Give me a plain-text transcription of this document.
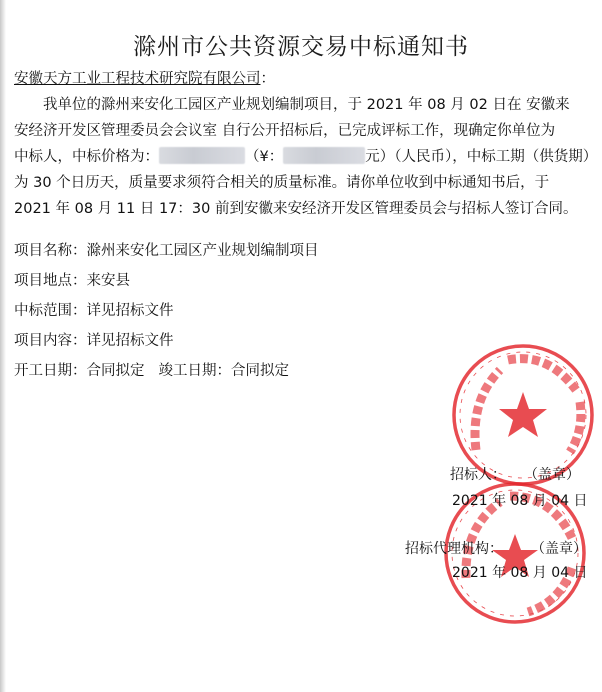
滁州市公共资源交易中标通知书
安徽天方工业工程技术研究院有限公司：

我单位的滁州来安化工园区产业规划编制项目，于 2021 年 08 月 02 日在 安徽来

安经济开发区管理委员会会议室 自行公开招标后，已完成评标工作，现确定你单位为

中标人，中标价格为：	（¥：	元）（人民币），中标工期（供货期）

为 30 个日历天，质量要求须符合相关的质量标准。请你单位收到中标通知书后，于

2021 年 08 月 11 日 17：30 前到安徽来安经济开发区管理委员会与招标人签订合同。

项目名称：滁州来安化工园区产业规划编制项目
项目地点：来安县
中标范围：详见招标文件
项目内容：详见招标文件
开工日期：合同拟定 竣工日期：合同拟定
招标人： （盖章）
2021 年 08 月 04 日
招标代理机构： （盖章）
2021 年 08 月 04 日
